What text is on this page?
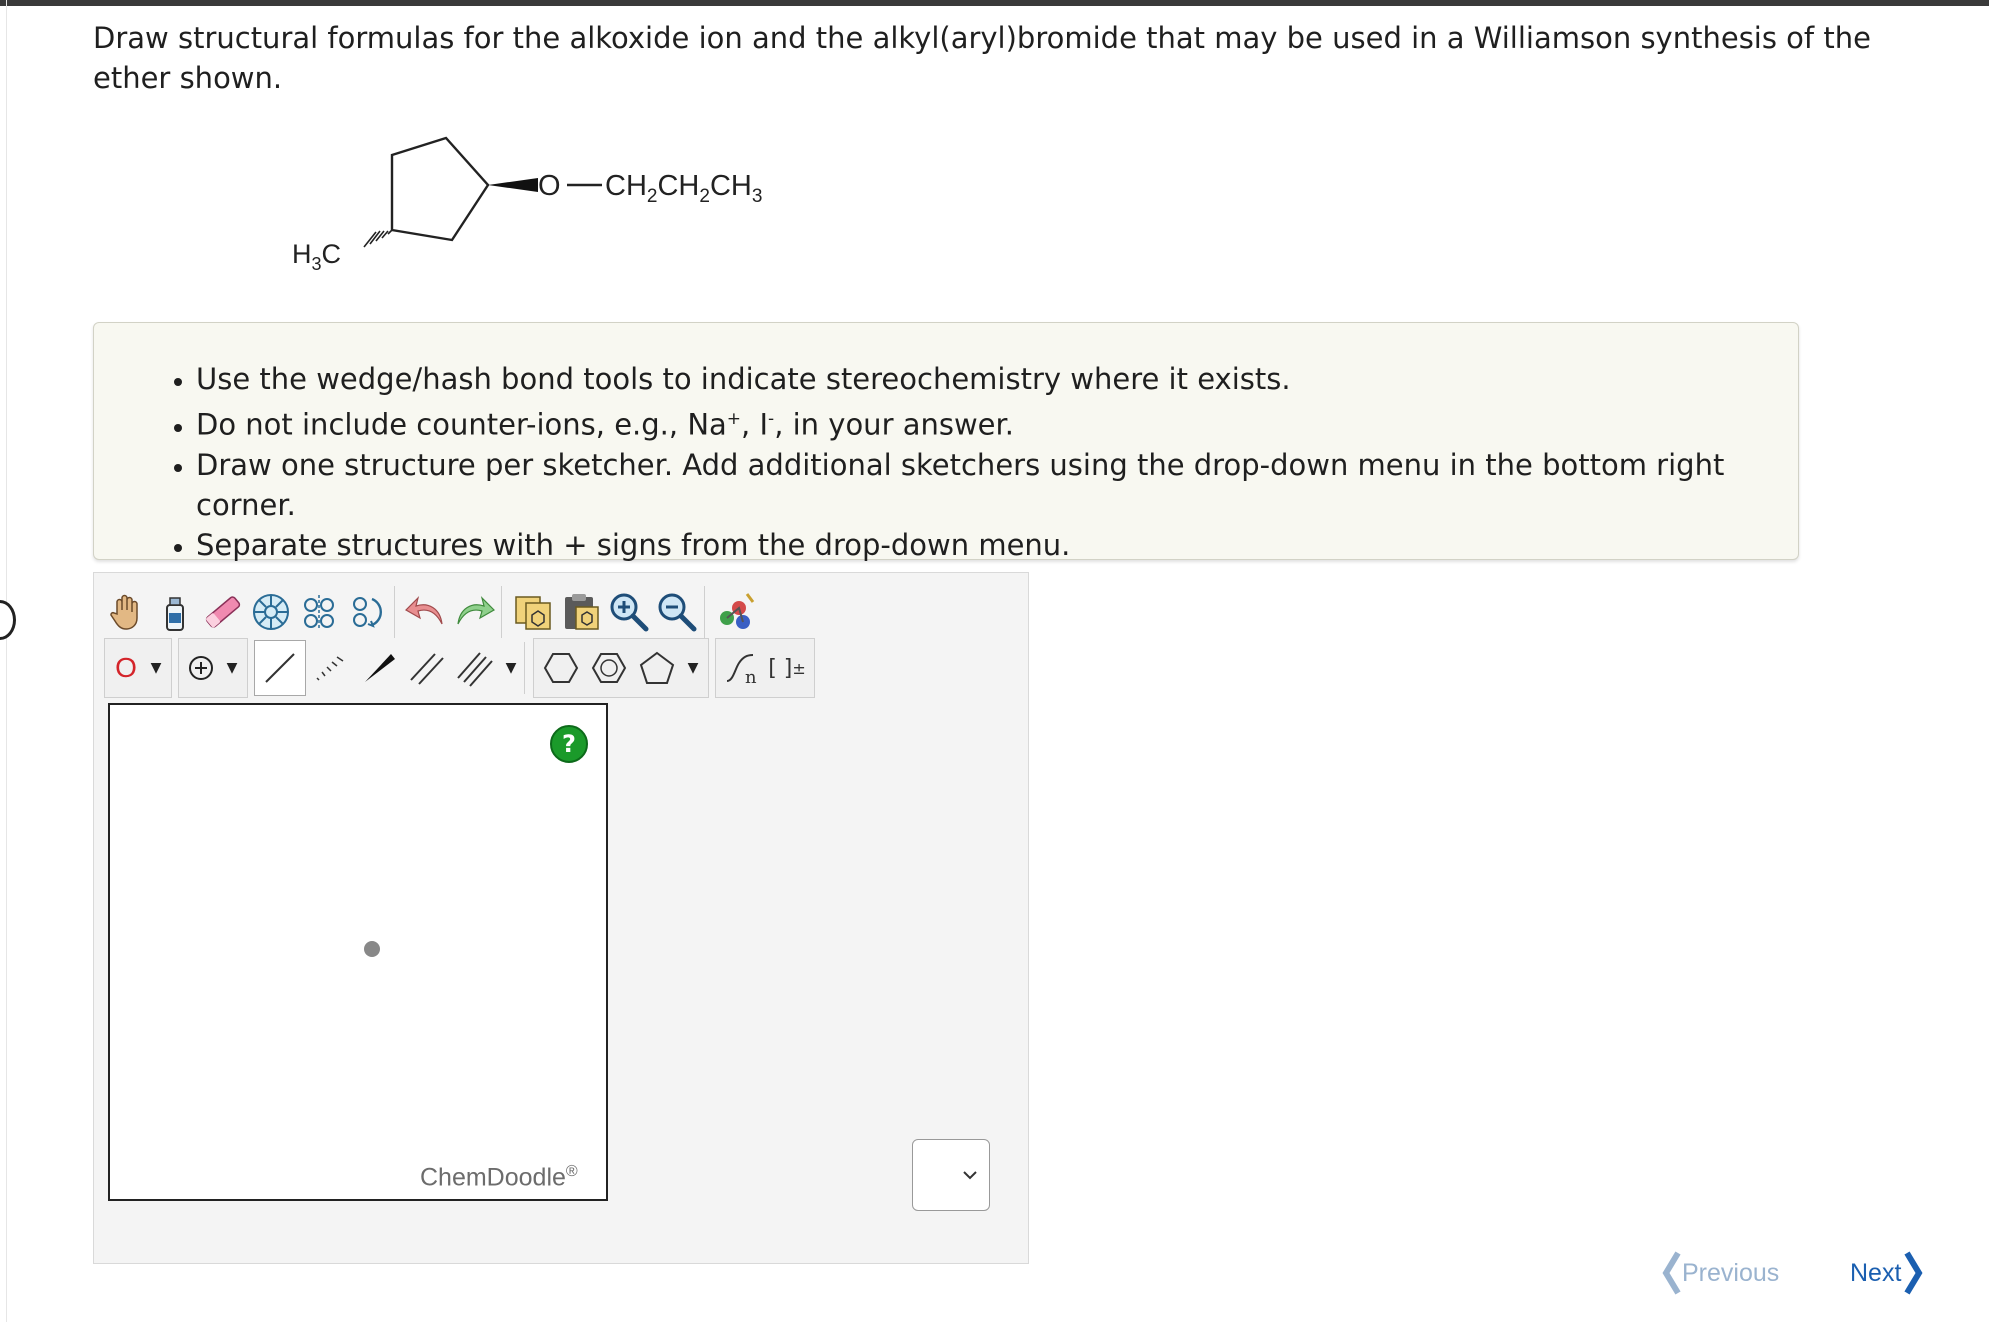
Draw structural formulas for the alkoxide ion and the alkyl(aryl)bromide that may be used in a Williamson synthesis of the ether shown.
$H_3C$
O $CH_2CH_2CH_3$
• Use the wedge/hash bond tools to indicate stereochemistry where it exists.
• Do not include counter-ions, e.g., Na+, I-, in your answer.
• Draw one structure per sketcher. Add additional sketchers using the drop-down menu in the bottom right corner.
• Separate structures with + signs from the drop-down menu.
O ▼	▼	▼	▼	n [ ] ±
?
ChemDoodle®
Previous	Next
